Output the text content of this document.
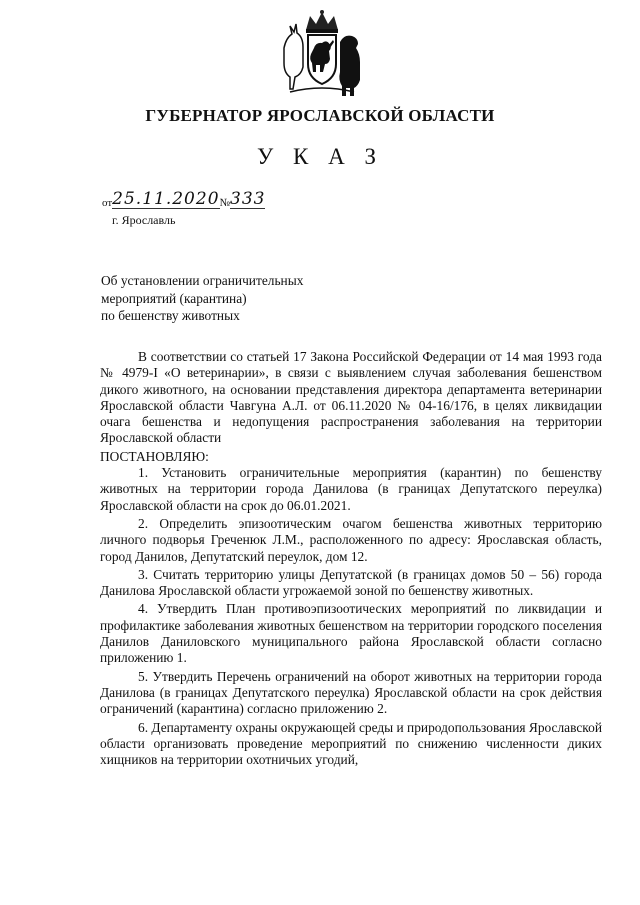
ГУБЕРНАТОР ЯРОСЛАВСКОЙ ОБЛАСТИ
У К А З
от25.11.2020№333
г. Ярославль
Об установлении ограничительных
мероприятий (карантина)
по бешенству животных

В соответствии со статьей 17 Закона Российской Федерации от 14 мая 1993 года № 4979-I «О ветеринарии», в связи с выявлением случая заболевания бешенством дикого животного, на основании представления директора департамента ветеринарии Ярославской области Чавгуна А.Л. от 06.11.2020 № 04-16/176, в целях ликвидации очага бешенства и недопущения распространения заболевания на территории Ярославской области

ПОСТАНОВЛЯЮ:

1. Установить ограничительные мероприятия (карантин) по бешенству животных на территории города Данилова (в границах Депутатского переулка) Ярославской области на срок до 06.01.2021.

2. Определить эпизоотическим очагом бешенства животных территорию личного подворья Греченюк Л.М., расположенного по адресу: Ярославская область, город Данилов, Депутатский переулок, дом 12.

3. Считать территорию улицы Депутатской (в границах домов 50 – 56) города Данилова Ярославской области угрожаемой зоной по бешенству животных.

4. Утвердить План противоэпизоотических мероприятий по ликвидации и профилактике заболевания животных бешенством на территории городского поселения Данилов Даниловского муниципального района Ярославской области согласно приложению 1.

5. Утвердить Перечень ограничений на оборот животных на территории города Данилова (в границах Депутатского переулка) Ярославской области на срок действия ограничений (карантина) согласно приложению 2.

6. Департаменту охраны окружающей среды и природопользования Ярославской области организовать проведение мероприятий по снижению численности диких хищников на территории охотничьих угодий,
